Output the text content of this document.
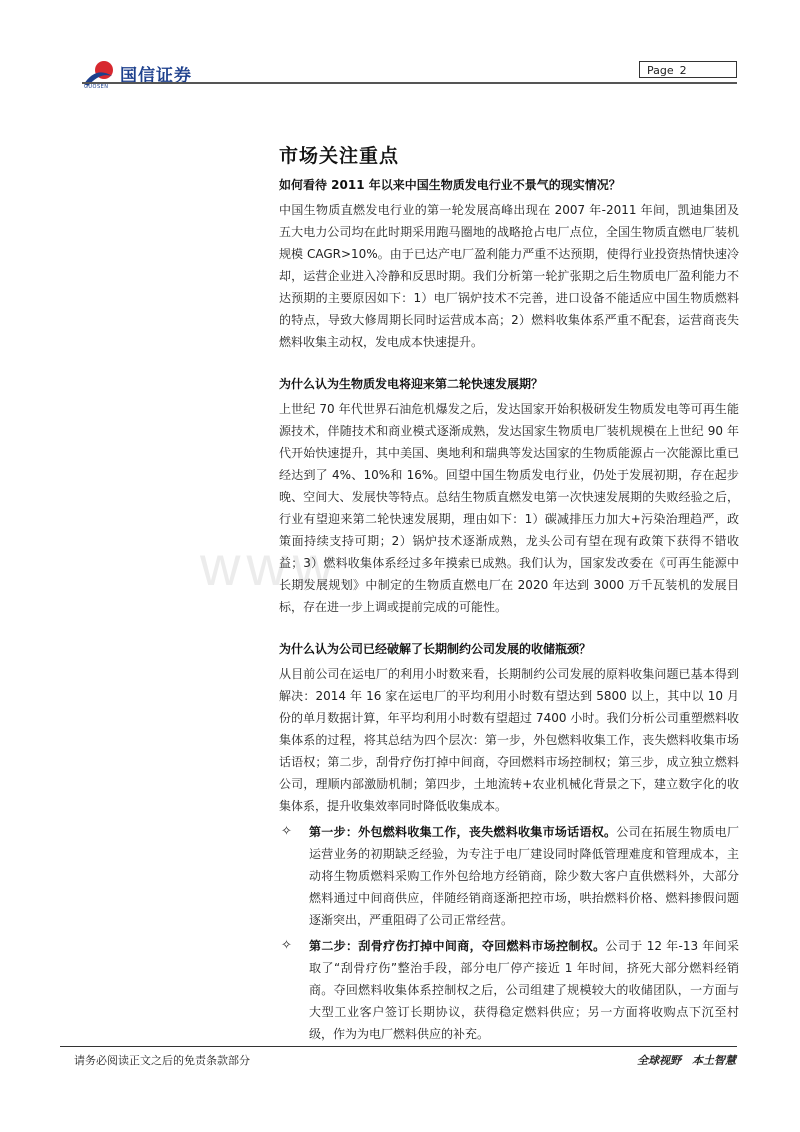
国信证券
GUOSEN
Page 2
www.
市场关注重点
如何看待 2011 年以来中国生物质发电行业不景气的现实情况？

中国生物质直燃发电行业的第一轮发展高峰出现在 2007 年-2011 年间，凯迪集团及五大电力公司均在此时期采用跑马圈地的战略抢占电厂点位，全国生物质直燃电厂装机规模 CAGR>10%。由于已达产电厂盈利能力严重不达预期，使得行业投资热情快速冷却，运营企业进入冷静和反思时期。我们分析第一轮扩张期之后生物质电厂盈利能力不达预期的主要原因如下：1）电厂锅炉技术不完善，进口设备不能适应中国生物质燃料的特点，导致大修周期长同时运营成本高；2）燃料收集体系严重不配套，运营商丧失燃料收集主动权，发电成本快速提升。

为什么认为生物质发电将迎来第二轮快速发展期？

上世纪 70 年代世界石油危机爆发之后，发达国家开始积极研发生物质发电等可再生能源技术，伴随技术和商业模式逐渐成熟，发达国家生物质电厂装机规模在上世纪 90 年代开始快速提升，其中美国、奥地利和瑞典等发达国家的生物质能源占一次能源比重已经达到了 4%、10%和 16%。回望中国生物质发电行业，仍处于发展初期，存在起步晚、空间大、发展快等特点。总结生物质直燃发电第一次快速发展期的失败经验之后，行业有望迎来第二轮快速发展期，理由如下：1）碳减排压力加大+污染治理趋严，政策面持续支持可期；2）锅炉技术逐渐成熟，龙头公司有望在现有政策下获得不错收益；3）燃料收集体系经过多年摸索已成熟。我们认为，国家发改委在《可再生能源中长期发展规划》中制定的生物质直燃电厂在 2020 年达到 3000 万千瓦装机的发展目标，存在进一步上调或提前完成的可能性。

为什么认为公司已经破解了长期制约公司发展的收储瓶颈？

从目前公司在运电厂的利用小时数来看，长期制约公司发展的原料收集问题已基本得到解决：2014 年 16 家在运电厂的平均利用小时数有望达到 5800 以上，其中以 10 月份的单月数据计算，年平均利用小时数有望超过 7400 小时。我们分析公司重塑燃料收集体系的过程，将其总结为四个层次：第一步，外包燃料收集工作，丧失燃料收集市场话语权；第二步，刮骨疗伤打掉中间商，夺回燃料市场控制权；第三步，成立独立燃料公司，理顺内部激励机制；第四步，土地流转+农业机械化背景之下，建立数字化的收集体系，提升收集效率同时降低收集成本。

✧ 第一步：外包燃料收集工作，丧失燃料收集市场话语权。公司在拓展生物质电厂运营业务的初期缺乏经验，为专注于电厂建设同时降低管理难度和管理成本，主动将生物质燃料采购工作外包给地方经销商，除少数大客户直供燃料外，大部分燃料通过中间商供应，伴随经销商逐渐把控市场，哄抬燃料价格、燃料掺假问题逐渐突出，严重阻碍了公司正常经营。
✧ 第二步：刮骨疗伤打掉中间商，夺回燃料市场控制权。公司于 12 年-13 年间采取了“刮骨疗伤”整治手段，部分电厂停产接近 1 年时间，挤死大部分燃料经销商。夺回燃料收集体系控制权之后，公司组建了规模较大的收储团队，一方面与大型工业客户签订长期协议，获得稳定燃料供应；另一方面将收购点下沉至村级，作为为电厂燃料供应的补充。
请务必阅读正文之后的免责条款部分	全球视野　本土智慧
